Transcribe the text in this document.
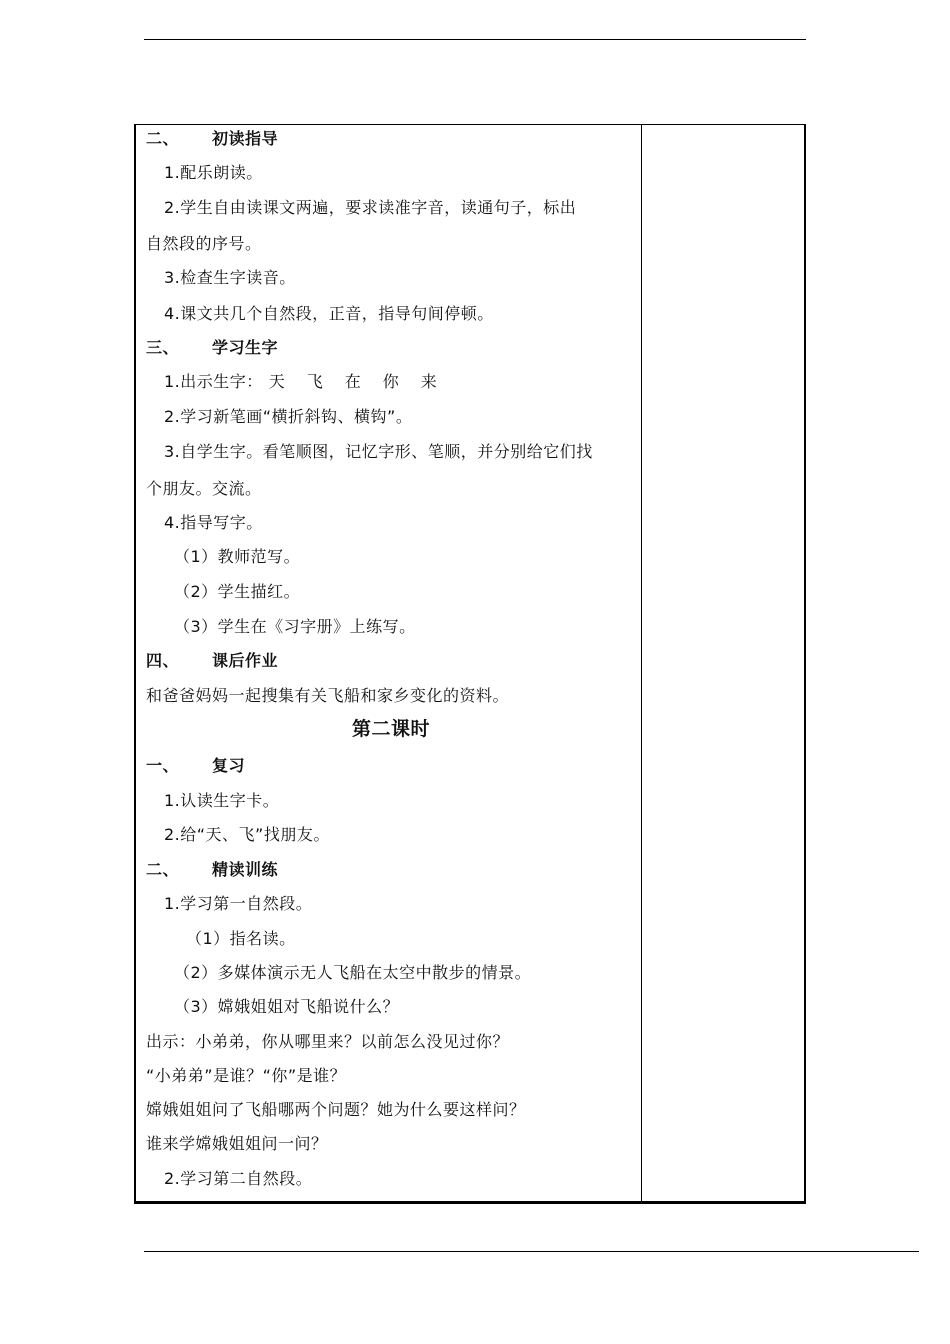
二、 初读指导
1.配乐朗读。
2.学生自由读课文两遍，要求读准字音，读通句子，标出
自然段的序号。
3.检查生字读音。
4.课文共几个自然段，正音，指导句间停顿。
三、 学习生字
1.出示生字： 天 飞 在 你 来
2.学习新笔画“横折斜钩、横钩”。
3.自学生字。看笔顺图，记忆字形、笔顺，并分别给它们找
个朋友。交流。
4.指导写字。
（1）教师范写。
（2）学生描红。
（3）学生在《习字册》上练写。
四、 课后作业
和爸爸妈妈一起搜集有关飞船和家乡变化的资料。
第二课时
一、 复习
1.认读生字卡。
2.给“天、飞”找朋友。
二、 精读训练
1.学习第一自然段。
（1）指名读。
（2）多媒体演示无人飞船在太空中散步的情景。
（3）嫦娥姐姐对飞船说什么？
出示：小弟弟，你从哪里来？以前怎么没见过你？
“小弟弟”是谁？“你”是谁？
嫦娥姐姐问了飞船哪两个问题？她为什么要这样问？
谁来学嫦娥姐姐问一问？
2.学习第二自然段。
